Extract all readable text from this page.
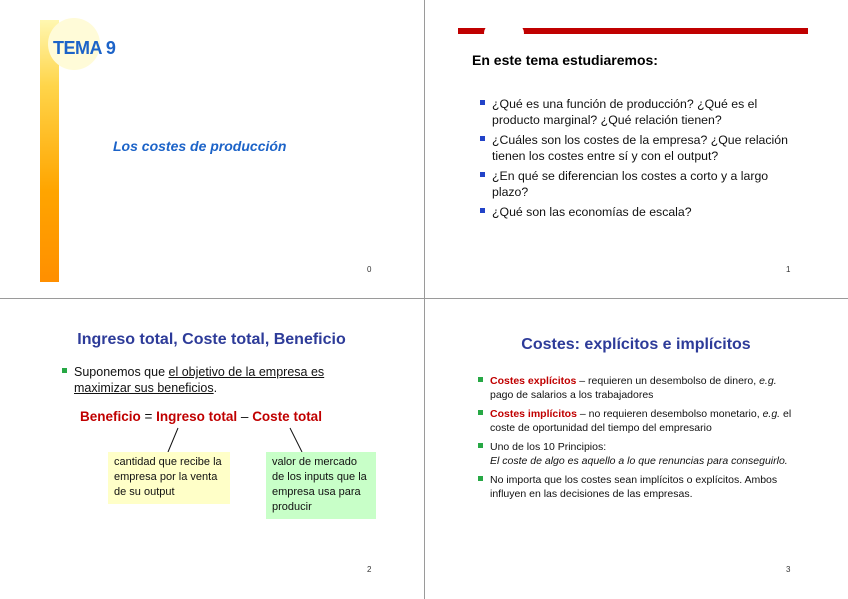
TEMA 9
Los costes de producción
0
En este tema estudiaremos:
¿Qué es una función de producción? ¿Qué es el producto marginal? ¿Qué relación tienen?
¿Cuáles son los costes de la empresa? ¿Que relación tienen los costes entre sí y con el output?
¿En qué se diferencian los costes a corto y a largo plazo?
¿Qué son las economías de escala?
1
Ingreso total, Coste total, Beneficio
Suponemos que el objetivo de la empresa es maximizar sus beneficios.
Beneficio = Ingreso total – Coste total
cantidad que recibe la empresa por la venta de su output
valor de mercado de los inputs que la empresa usa para producir
2
Costes: explícitos e implícitos
Costes explícitos – requieren un desembolso de dinero, e.g. pago de salarios a los trabajadores
Costes implícitos – no requieren desembolso monetario, e.g. el coste de oportunidad del tiempo del empresario
Uno de los 10 Principios:
El coste de algo es aquello a lo que renuncias para conseguirlo.
No importa que los costes sean implícitos o explícitos. Ambos influyen en las decisiones de las empresas.
3
